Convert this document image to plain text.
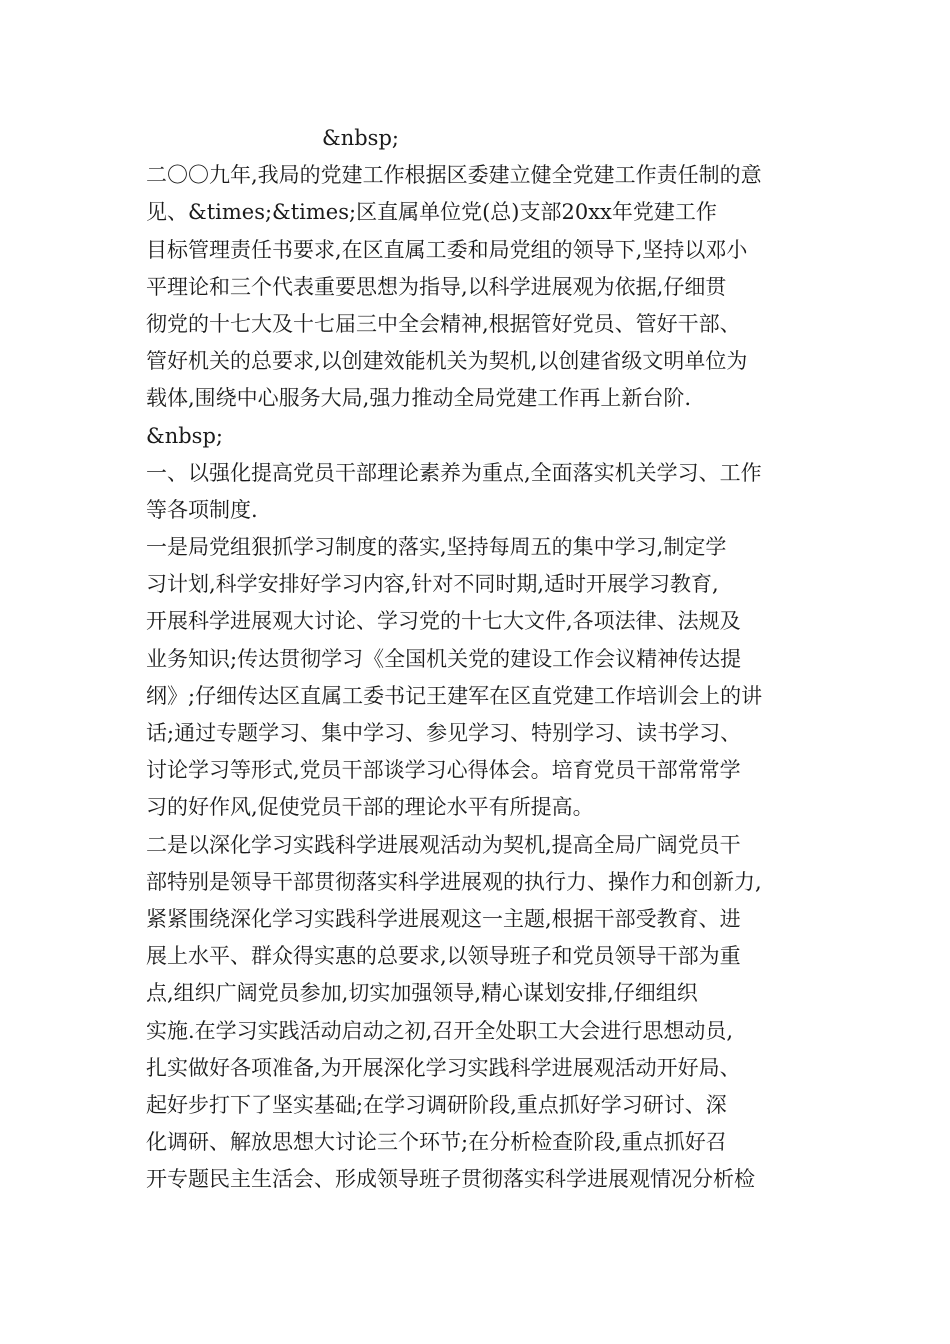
&nbsp;
二〇〇九年,我局的党建工作根据区委建立健全党建工作责任制的意
见、&times;&times;区直属单位党(总)支部20xx年党建工作
目标管理责任书要求,在区直属工委和局党组的领导下,坚持以邓小
平理论和三个代表重要思想为指导,以科学进展观为依据,仔细贯
彻党的十七大及十七届三中全会精神,根据管好党员、管好干部、
管好机关的总要求,以创建效能机关为契机,以创建省级文明单位为
载体,围绕中心服务大局,强力推动全局党建工作再上新台阶.
&nbsp;
一、以强化提高党员干部理论素养为重点,全面落实机关学习、工作
等各项制度.
一是局党组狠抓学习制度的落实,坚持每周五的集中学习,制定学
习计划,科学安排好学习内容,针对不同时期,适时开展学习教育,
开展科学进展观大讨论、学习党的十七大文件,各项法律、法规及
业务知识;传达贯彻学习《全国机关党的建设工作会议精神传达提
纲》;仔细传达区直属工委书记王建军在区直党建工作培训会上的讲
话;通过专题学习、集中学习、参见学习、特别学习、读书学习、
讨论学习等形式,党员干部谈学习心得体会。培育党员干部常常学
习的好作风,促使党员干部的理论水平有所提高。
二是以深化学习实践科学进展观活动为契机,提高全局广阔党员干
部特别是领导干部贯彻落实科学进展观的执行力、操作力和创新力,
紧紧围绕深化学习实践科学进展观这一主题,根据干部受教育、进
展上水平、群众得实惠的总要求,以领导班子和党员领导干部为重
点,组织广阔党员参加,切实加强领导,精心谋划安排,仔细组织
实施.在学习实践活动启动之初,召开全处职工大会进行思想动员,
扎实做好各项准备,为开展深化学习实践科学进展观活动开好局、
起好步打下了坚实基础;在学习调研阶段,重点抓好学习研讨、深
化调研、解放思想大讨论三个环节;在分析检查阶段,重点抓好召
开专题民主生活会、形成领导班子贯彻落实科学进展观情况分析检
